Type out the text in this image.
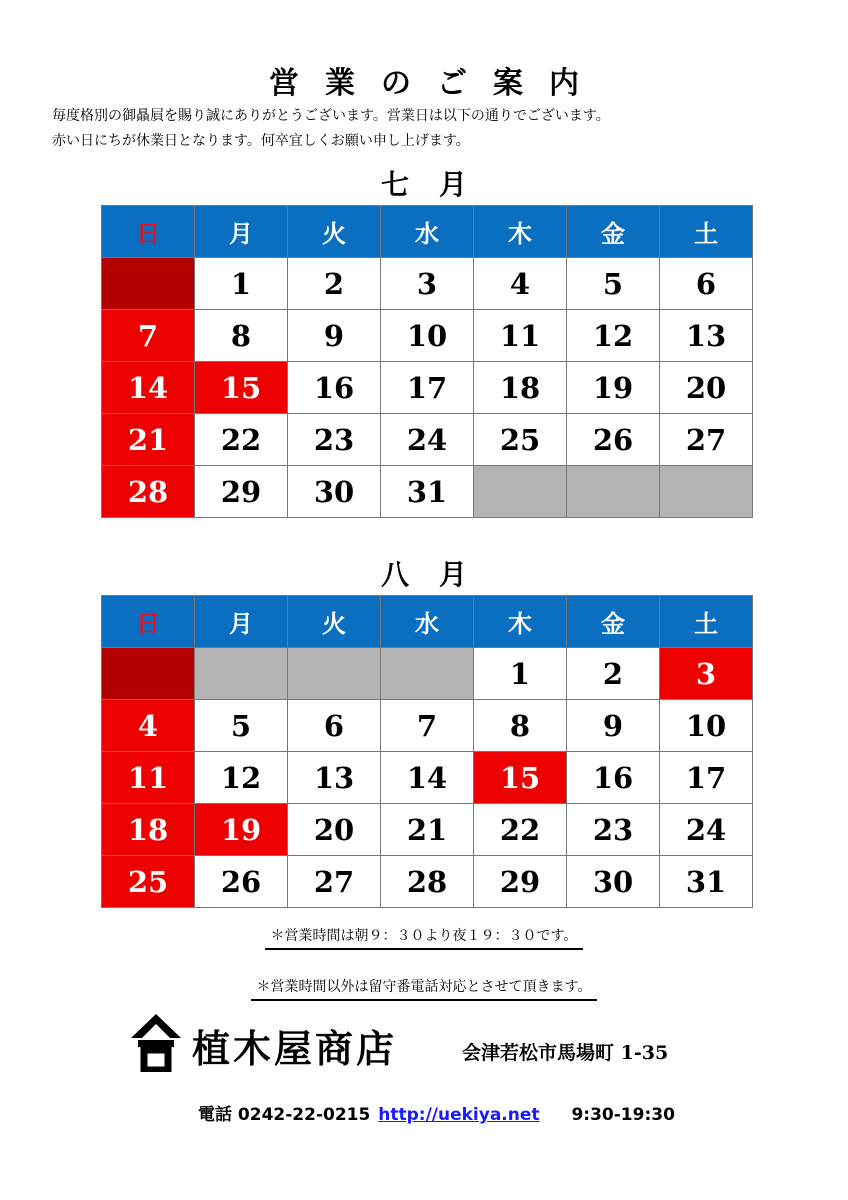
営業のご案内
毎度格別の御贔屓を賜り誠にありがとうございます。営業日は以下の通りでございます。
赤い日にちが休業日となります。何卒宜しくお願い申し上げます。
七月
日	月	火	水	木	金	土
	1	2	3	4	5	6
7	8	9	10	11	12	13
14	15	16	17	18	19	20
21	22	23	24	25	26	27
28	29	30	31			
八月
日	月	火	水	木	金	土
				1	2	3
4	5	6	7	8	9	10
11	12	13	14	15	16	17
18	19	20	21	22	23	24
25	26	27	28	29	30	31
＊営業時間は朝９：３０より夜１９：３０です。
＊営業時間以外は留守番電話対応とさせて頂きます。
植木屋商店	会津若松市馬場町 1-35
電話 0242-22-0215 http://uekiya.net 9:30-19:30
